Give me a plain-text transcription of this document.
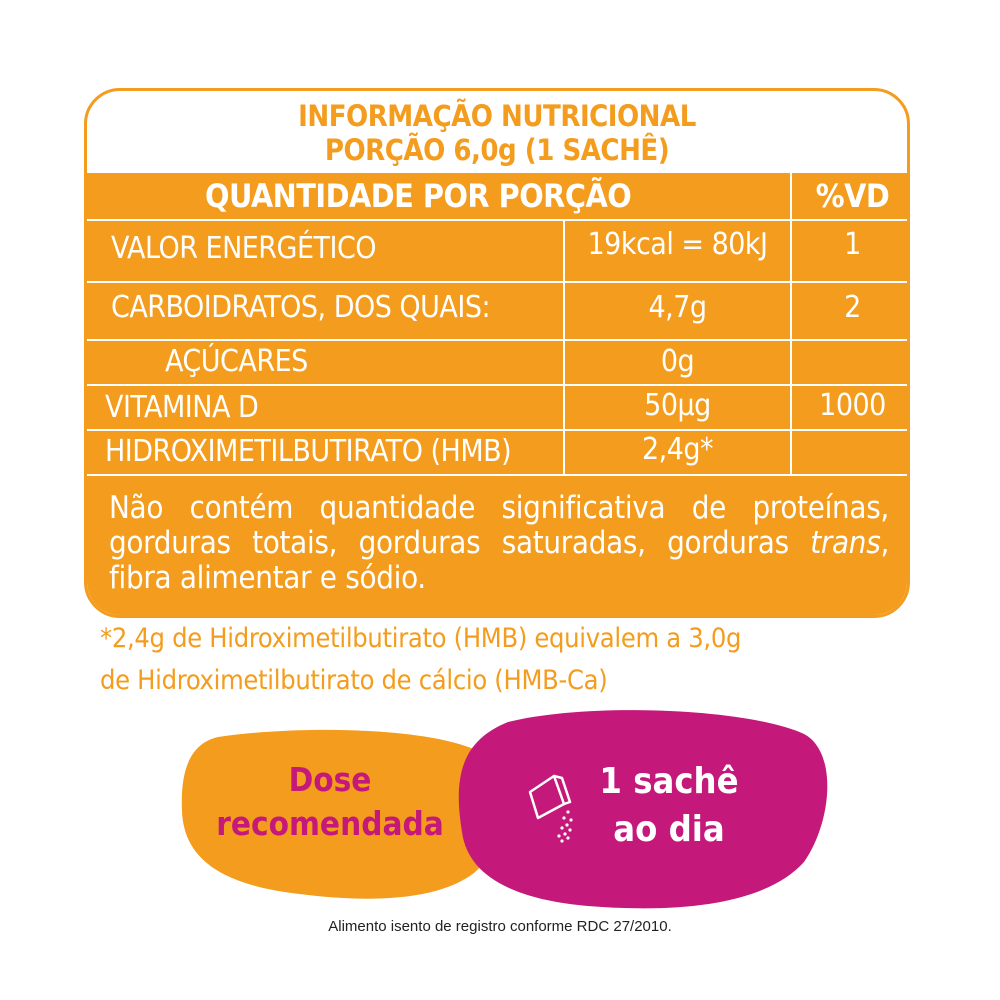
INFORMAÇÃO NUTRICIONAL
PORÇÃO 6,0g (1 SACHÊ)
QUANTIDADE POR PORÇÃO	%VD
VALOR ENERGÉTICO	19kcal = 80kJ	1
CARBOIDRATOS, DOS QUAIS:	4,7g	2
AÇÚCARES	0g
VITAMINA D	50µg	1000
HIDROXIMETILBUTIRATO (HMB)	2,4g*
Não contém quantidade significativa de proteínas, gorduras totais, gorduras saturadas, gorduras trans, fibra alimentar e sódio.
*2,4g de Hidroximetilbutirato (HMB) equivalem a 3,0g
de Hidroximetilbutirato de cálcio (HMB-Ca)
Dose
recomendada
1 sachê
ao dia
Alimento isento de registro conforme RDC 27/2010.
